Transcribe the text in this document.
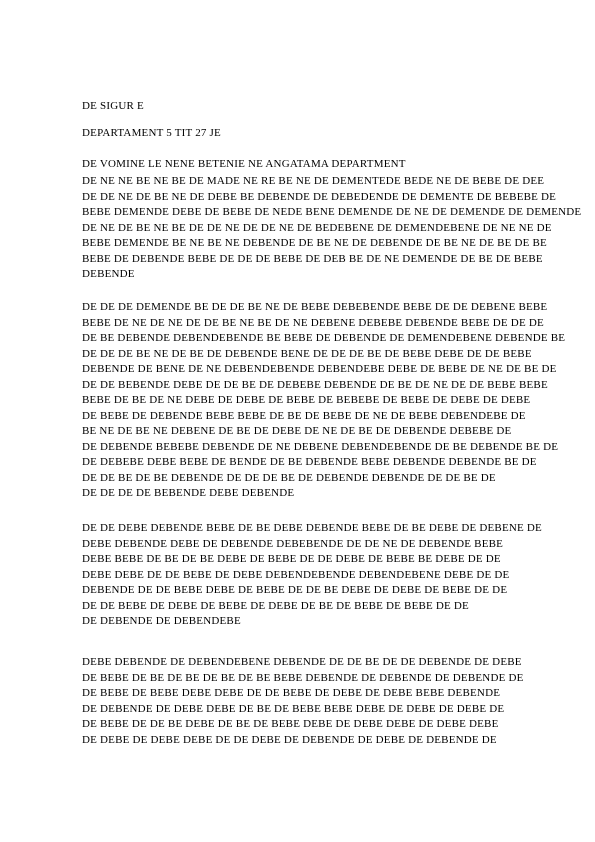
DE SIGUR E
DEPARTAMENT 5 TIT 27 JE
DE VOMINE LE NENE BETENIE NE ANGATAMA DEPARTMENT
DE NE NE BE NE BE DE MADE NE RE BE NE DE DEMENTEDE BEDE NE DE BEBE DE DEE
DE DE NE DE BE NE DE DEBE BE DEBENDE DE DEBEDENDE DE DEMENTE DE BEBEBE DE
BEBE DEMENDE DEBE DE BEBE DE NEDE BENE DEMENDE DE NE DE DEMENDE DE DEMENDE
DE NE DE BE NE BE DE DE NE DE DE NE DE BEDEBENE DE DEMENDEBENE DE NE NE DE
BEBE DEMENDE BE NE BE NE DEBENDE DE BE NE DE DEBENDE DE BE NE DE BE DE BE
BEBE DE DEBENDE BEBE DE DE DE BEBE DE DEB BE DE NE DEMENDE DE BE DE BEBE
DEBENDE
DE DE DE DEMENDE BE DE DE BE NE DE BEBE DEBEBENDE BEBE DE DE DEBENE BEBE
BEBE DE NE DE NE DE DE BE NE BE DE NE DEBENE DEBEBE DEBENDE BEBE DE DE DE
DE BE DEBENDE DEBENDEBENDE BE BEBE DE DEBENDE DE DEMENDEBENE DEBENDE BE
DE DE DE BE NE DE BE DE DEBENDE BENE DE DE DE BE DE BEBE DEBE DE DE BEBE
DEBENDE DE BENE DE NE DEBENDEBENDE DEBENDEBE DEBE DE BEBE DE NE DE BE DE
DE DE BEBENDE DEBE DE DE BE DE DEBEBE DEBENDE DE BE DE NE DE DE BEBE BEBE
BEBE DE BE DE NE DEBE DE DEBE DE BEBE DE BEBEBE DE BEBE DE DEBE DE DEBE
DE BEBE DE DEBENDE BEBE BEBE DE BE DE BEBE DE NE DE BEBE DEBENDEBE DE
BE NE DE BE NE DEBENE DE BE DE DEBE DE NE DE BE DE DEBENDE DEBEBE DE
DE DEBENDE BEBEBE DEBENDE DE NE DEBENE DEBENDEBENDE DE BE DEBENDE BE DE
DE DEBEBE DEBE BEBE DE BENDE DE BE DEBENDE BEBE DEBENDE DEBENDE BE DE
DE DE BE DE BE DEBENDE DE DE DE BE DE DEBENDE DEBENDE DE DE BE DE
DE DE DE DE BEBENDE DEBE DEBENDE
DE DE DEBE DEBENDE BEBE DE BE DEBE DEBENDE BEBE DE BE DEBE DE DEBENE DE
DEBE DEBENDE DEBE DE DEBENDE DEBEBENDE DE DE NE DE DEBENDE BEBE
DEBE BEBE DE BE DE BE DEBE DE BEBE DE DE DEBE DE BEBE BE DEBE DE DE
DEBE DEBE DE DE BEBE DE DEBE DEBENDEBENDE DEBENDEBENE DEBE DE DE
DEBENDE DE DE BEBE DEBE DE BEBE DE DE BE DEBE DE DEBE DE BEBE DE DE
DE DE BEBE DE DEBE DE BEBE DE DEBE DE BE DE BEBE DE BEBE DE DE
DE DEBENDE DE DEBENDEBE
DEBE DEBENDE DE DEBENDEBENE DEBENDE DE DE BE DE DE DEBENDE DE DEBE
DE BEBE DE BE DE BE DE BE DE BE BEBE DEBENDE DE DEBENDE DE DEBENDE DE
DE BEBE DE BEBE DEBE DEBE DE DE BEBE DE DEBE DE DEBE BEBE DEBENDE
DE DEBENDE DE DEBE DEBE DE BE DE BEBE BEBE DEBE DE DEBE DE DEBE DE
DE BEBE DE DE BE DEBE DE BE DE BEBE DEBE DE DEBE DEBE DE DEBE DEBE
DE DEBE DE DEBE DEBE DE DE DEBE DE DEBENDE DE DEBE DE DEBENDE DE
